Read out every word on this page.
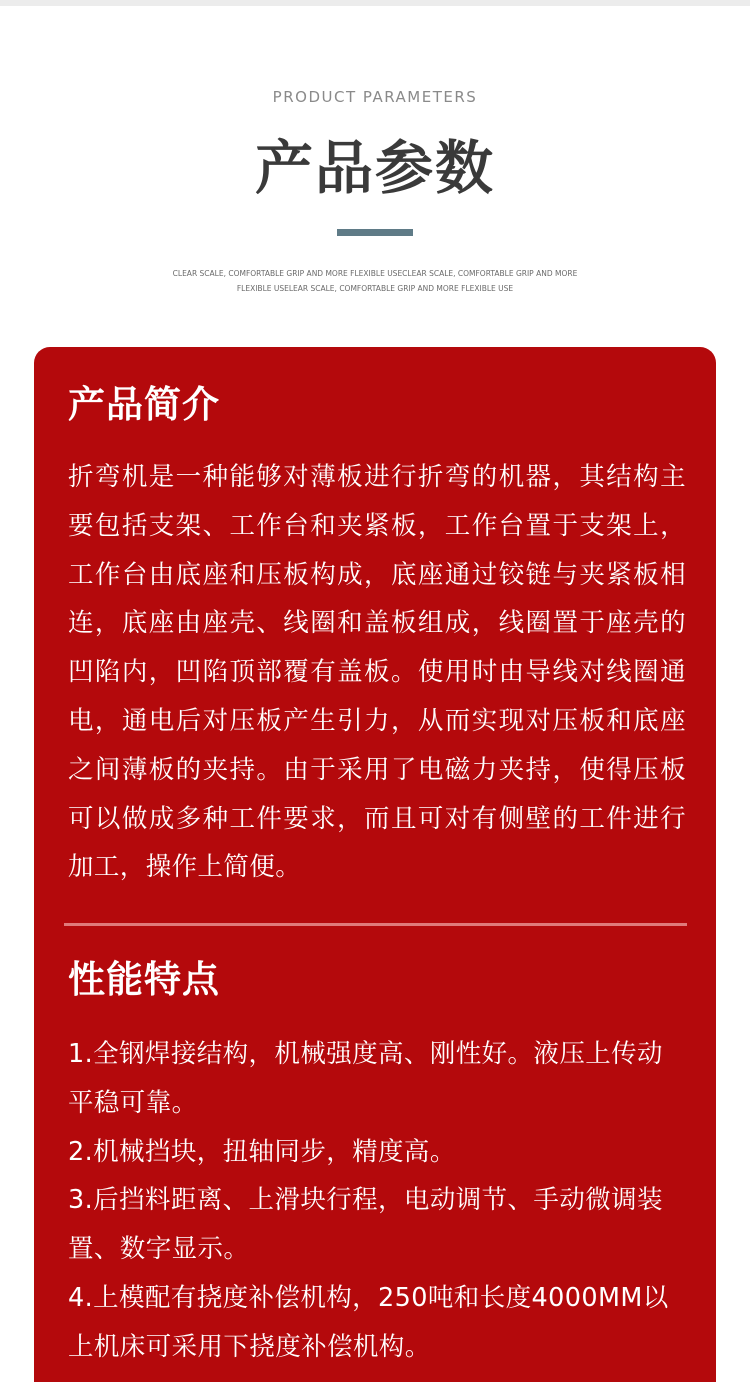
PRODUCT PARAMETERS
产品参数
CLEAR SCALE, COMFORTABLE GRIP AND MORE FLEXIBLE USECLEAR SCALE, COMFORTABLE GRIP AND MORE FLEXIBLE USELEAR SCALE, COMFORTABLE GRIP AND MORE FLEXIBLE USE
产品简介
折弯机是一种能够对薄板进行折弯的机器，其结构主要包括支架、工作台和夹紧板，工作台置于支架上，工作台由底座和压板构成，底座通过铰链与夹紧板相连，底座由座壳、线圈和盖板组成，线圈置于座壳的凹陷内，凹陷顶部覆有盖板。使用时由导线对线圈通电，通电后对压板产生引力，从而实现对压板和底座之间薄板的夹持。由于采用了电磁力夹持，使得压板可以做成多种工件要求，而且可对有侧壁的工件进行加工，操作上简便。
性能特点
1.全钢焊接结构，机械强度高、刚性好。液压上传动平稳可靠。
2.机械挡块，扭轴同步，精度高。
3.后挡料距离、上滑块行程，电动调节、手动微调装置、数字显示。
4.上模配有挠度补偿机构，250吨和长度4000MM以上机床可采用下挠度补偿机构。
